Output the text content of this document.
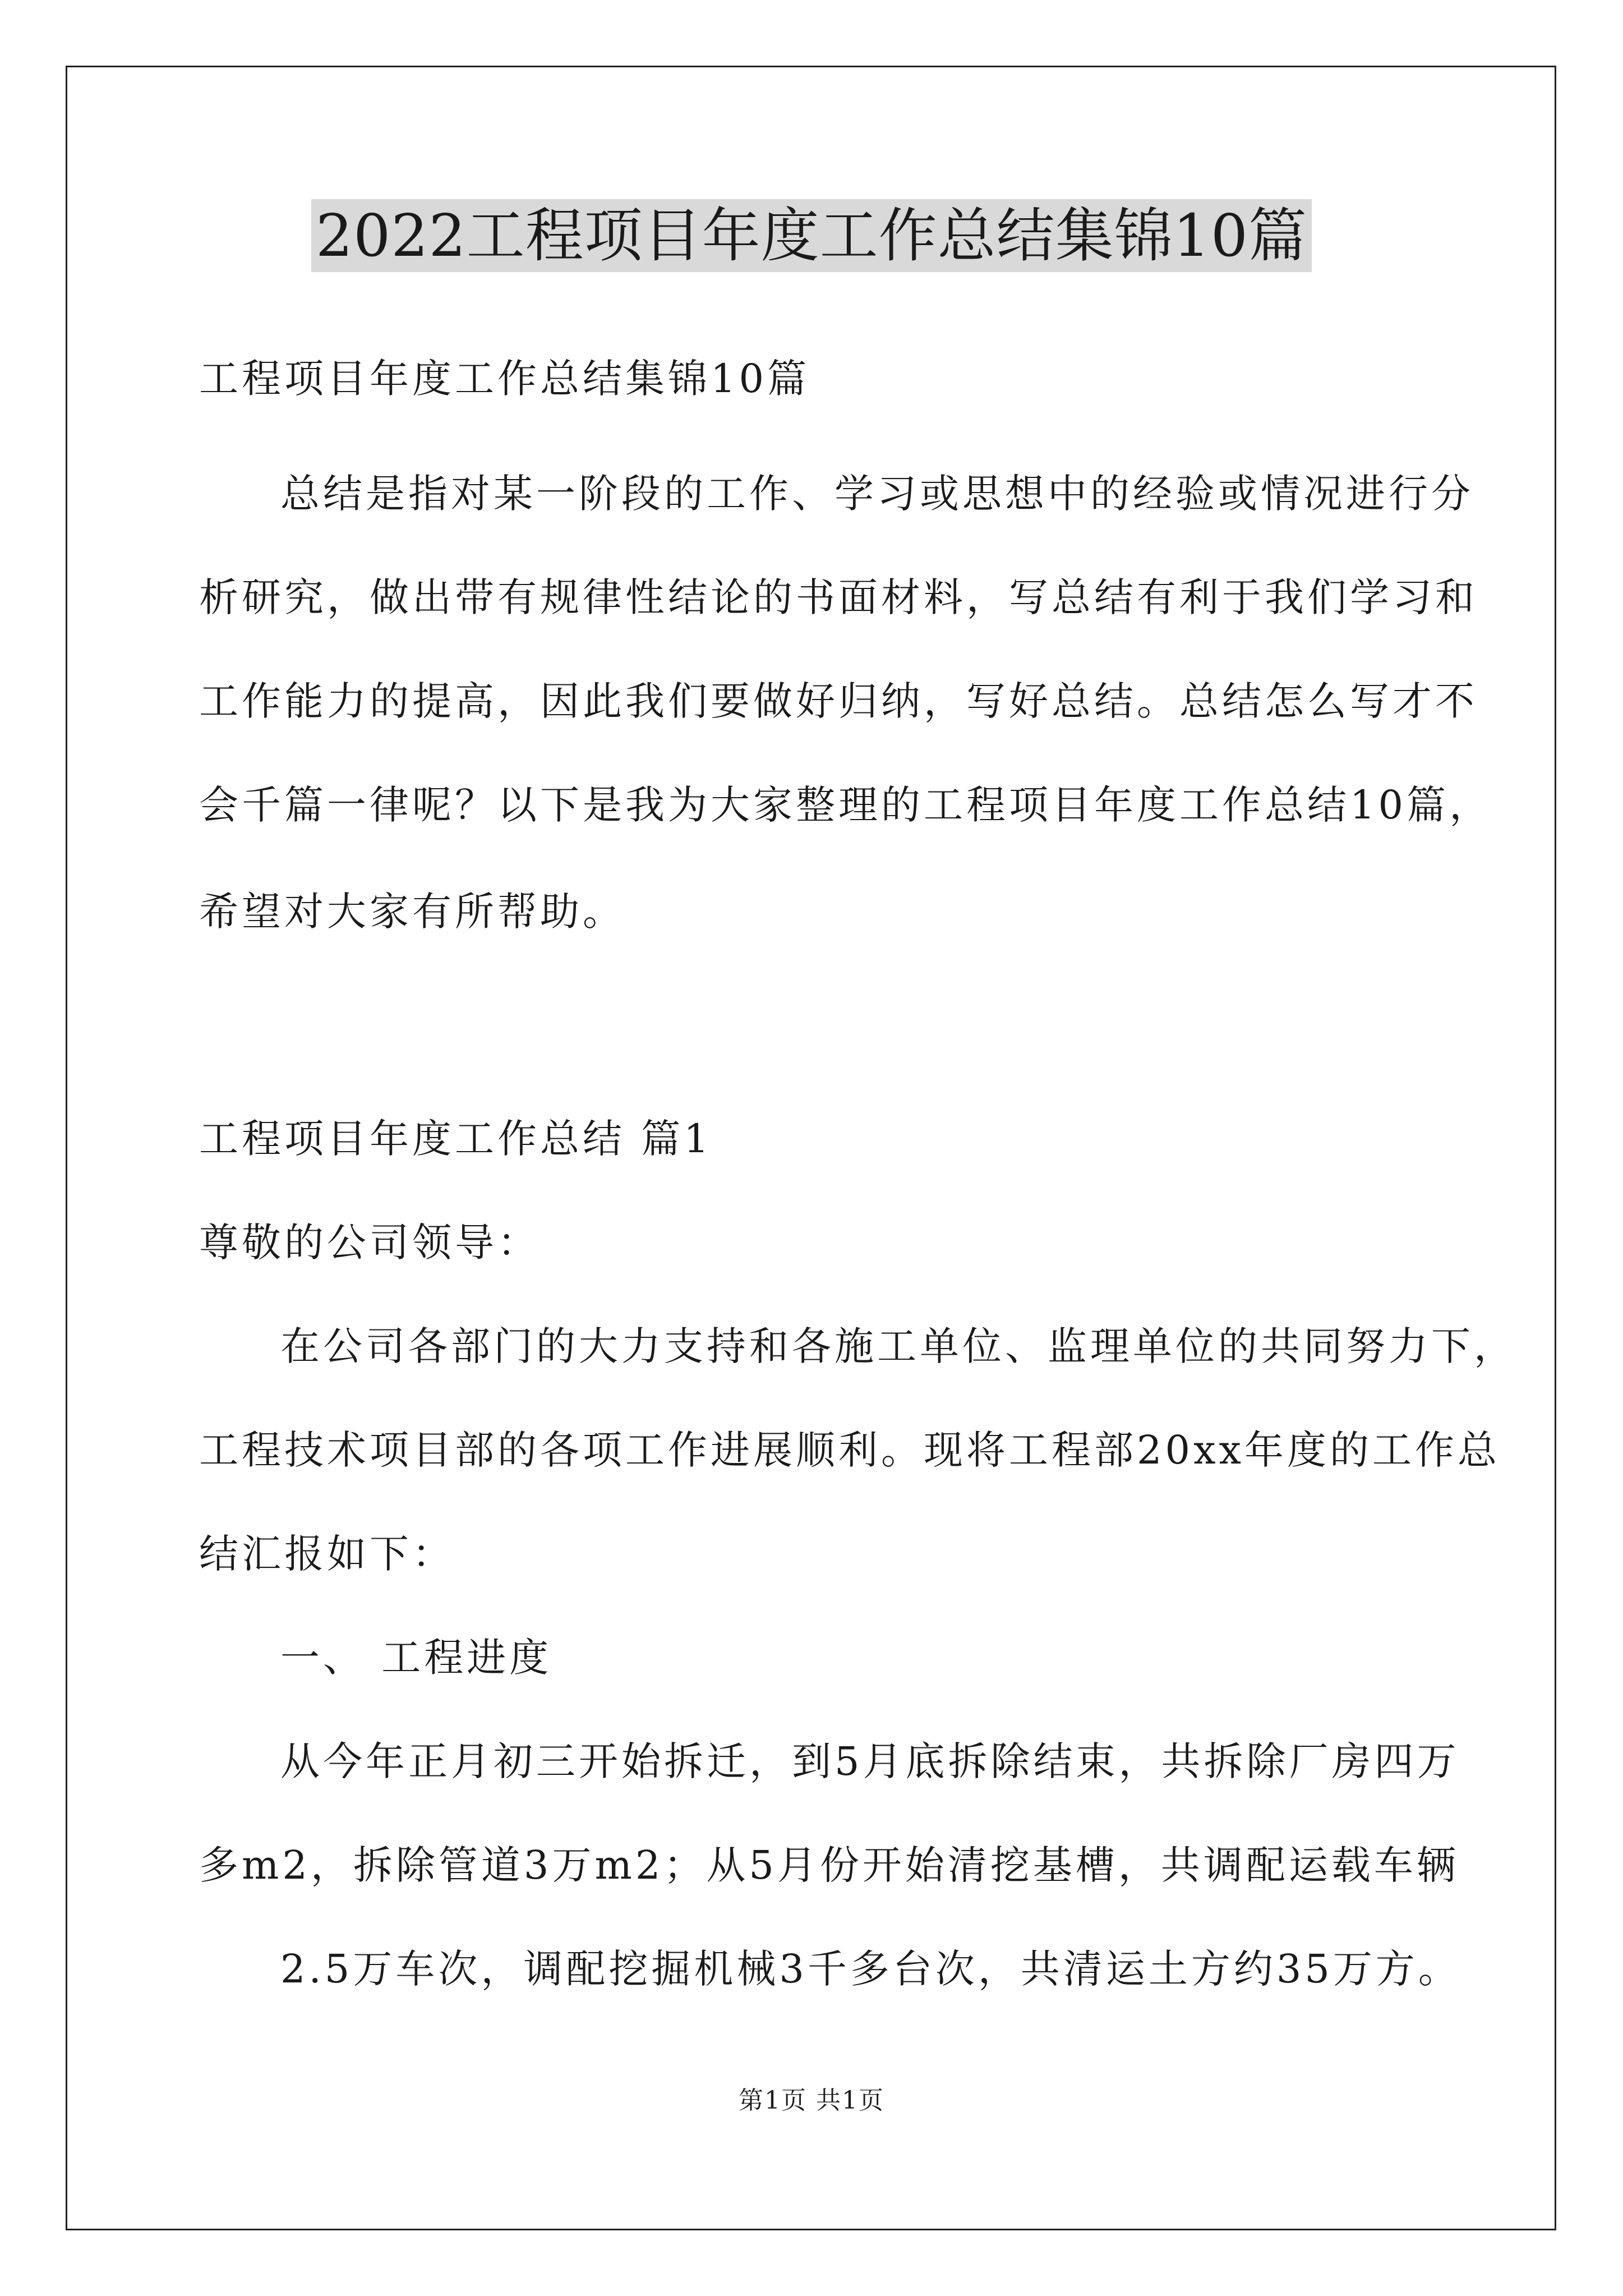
2022工程项目年度工作总结集锦10篇

工程项目年度工作总结集锦10篇

总结是指对某一阶段的工作、学习或思想中的经验或情况进行分

析研究，做出带有规律性结论的书面材料，写总结有利于我们学习和

工作能力的提高，因此我们要做好归纳，写好总结。总结怎么写才不

会千篇一律呢？以下是我为大家整理的工程项目年度工作总结10篇，

希望对大家有所帮助。

工程项目年度工作总结 篇1

尊敬的公司领导：

在公司各部门的大力支持和各施工单位、监理单位的共同努力下，

工程技术项目部的各项工作进展顺利。现将工程部20xx年度的工作总

结汇报如下：

一、 工程进度

从今年正月初三开始拆迁，到5月底拆除结束，共拆除厂房四万

多m2，拆除管道3万m2；从5月份开始清挖基槽，共调配运载车辆

2.5万车次，调配挖掘机械3千多台次，共清运土方约35万方。

第1页 共1页
